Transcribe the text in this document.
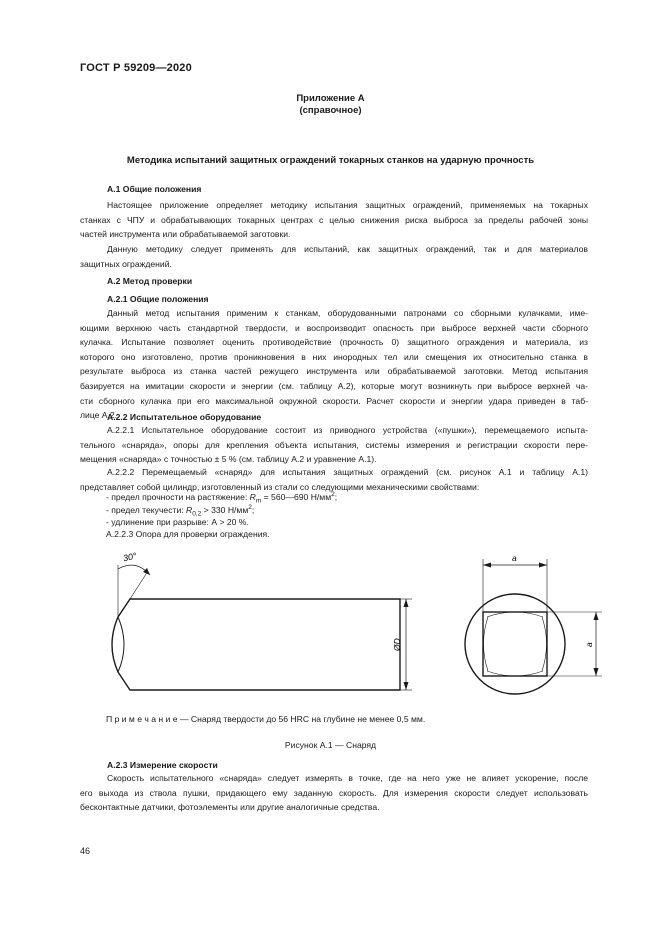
ГОСТ Р 59209—2020
Приложение А
(справочное)
Методика испытаний защитных ограждений токарных станков на ударную прочность
А.1 Общие положения
Настоящее приложение определяет методику испытания защитных ограждений, применяемых на токарных
станках с ЧПУ и обрабатывающих токарных центрах с целью снижения риска выброса за пределы рабочей зоны
частей инструмента или обрабатываемой заготовки.
Данную методику следует применять для испытаний, как защитных ограждений, так и для материалов
защитных ограждений.
А.2 Метод проверки
А.2.1 Общие положения
Данный метод испытания применим к станкам, оборудованными патронами со сборными кулачками, име-
ющими верхнюю часть стандартной твердости, и воспроизводит опасность при выбросе верхней части сборного
кулачка. Испытание позволяет оценить противодействие (прочность 0) защитного ограждения и материала, из
которого оно изготовлено, против проникновения в них инородных тел или смещения их относительно станка в
результате выброса из станка частей режущего инструмента или обрабатываемой заготовки. Метод испытания
базируется на имитации скорости и энергии (см. таблицу А.2), которые могут возникнуть при выбросе верхней ча-
сти сборного кулачка при его максимальной окружной скорости. Расчет скорости и энергии удара приведен в таб-
лице А.2.
А.2.2 Испытательное оборудование
А.2.2.1 Испытательное оборудование состоит из приводного устройства («пушки»), перемещаемого испыта-
тельного «снаряда», опоры для крепления объекта испытания, системы измерения и регистрации скорости пере-
мещения «снаряда» с точностью ± 5 % (см. таблицу А.2 и уравнение А.1).
А.2.2.2 Перемещаемый «снаряд» для испытания защитных ограждений (см. рисунок А.1 и таблицу А.1)
представляет собой цилиндр, изготовленный из стали со следующими механическими свойствами:
- предел прочности на растяжение: $R_m$ = 560—690 $Н/мм^2$;
- предел текучести: $R_{0,2} > 330$ $Н/мм^2$;
- удлинение при разрыве: А > 20 %.
А.2.2.3 Опора для проверки ограждения.
30°
ØD
a
a
П р и м е ч а н и е — Снаряд твердости до 56 HRC на глубине не менее 0,5 мм.
Рисунок А.1 — Снаряд
А.2.3 Измерение скорости
Скорость испытательного «снаряда» следует измерять в точке, где на него уже не влияет ускорение, после
его выхода из ствола пушки, придающего ему заданную скорость. Для измерения скорости следует использовать
бесконтактные датчики, фотоэлементы или другие аналогичные средства.
46
